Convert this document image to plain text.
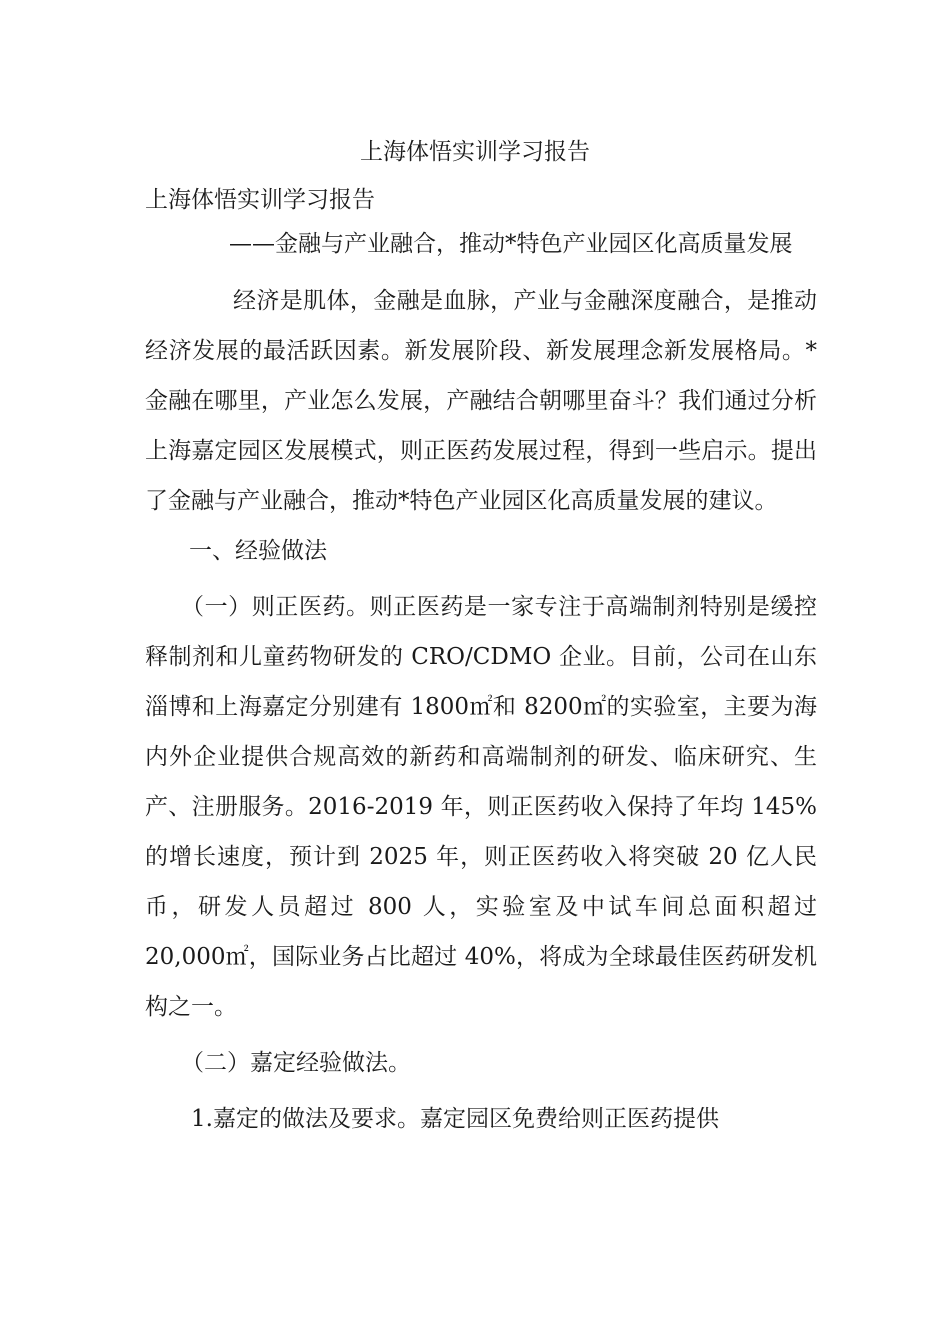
上海体悟实训学习报告

上海体悟实训学习报告

——金融与产业融合，推动*特色产业园区化高质量发展

经济是肌体，金融是血脉，产业与金融深度融合，是推动经济发展的最活跃因素。新发展阶段、新发展理念新发展格局。*金融在哪里，产业怎么发展，产融结合朝哪里奋斗？我们通过分析上海嘉定园区发展模式，则正医药发展过程，得到一些启示。提出了金融与产业融合，推动*特色产业园区化高质量发展的建议。

一、经验做法

（一）则正医药。则正医药是一家专注于高端制剂特别是缓控释制剂和儿童药物研发的 CRO/CDMO 企业。目前，公司在山东淄博和上海嘉定分别建有 1800㎡和 8200㎡的实验室，主要为海内外企业提供合规高效的新药和高端制剂的研发、临床研究、生产、注册服务。2016-2019 年，则正医药收入保持了年均 145%的增长速度，预计到 2025 年，则正医药收入将突破 20 亿人民币，研发人员超过 800 人，实验室及中试车间总面积超过 20,000㎡，国际业务占比超过 40%，将成为全球最佳医药研发机构之一。

（二）嘉定经验做法。

1.嘉定的做法及要求。嘉定园区免费给则正医药提供
